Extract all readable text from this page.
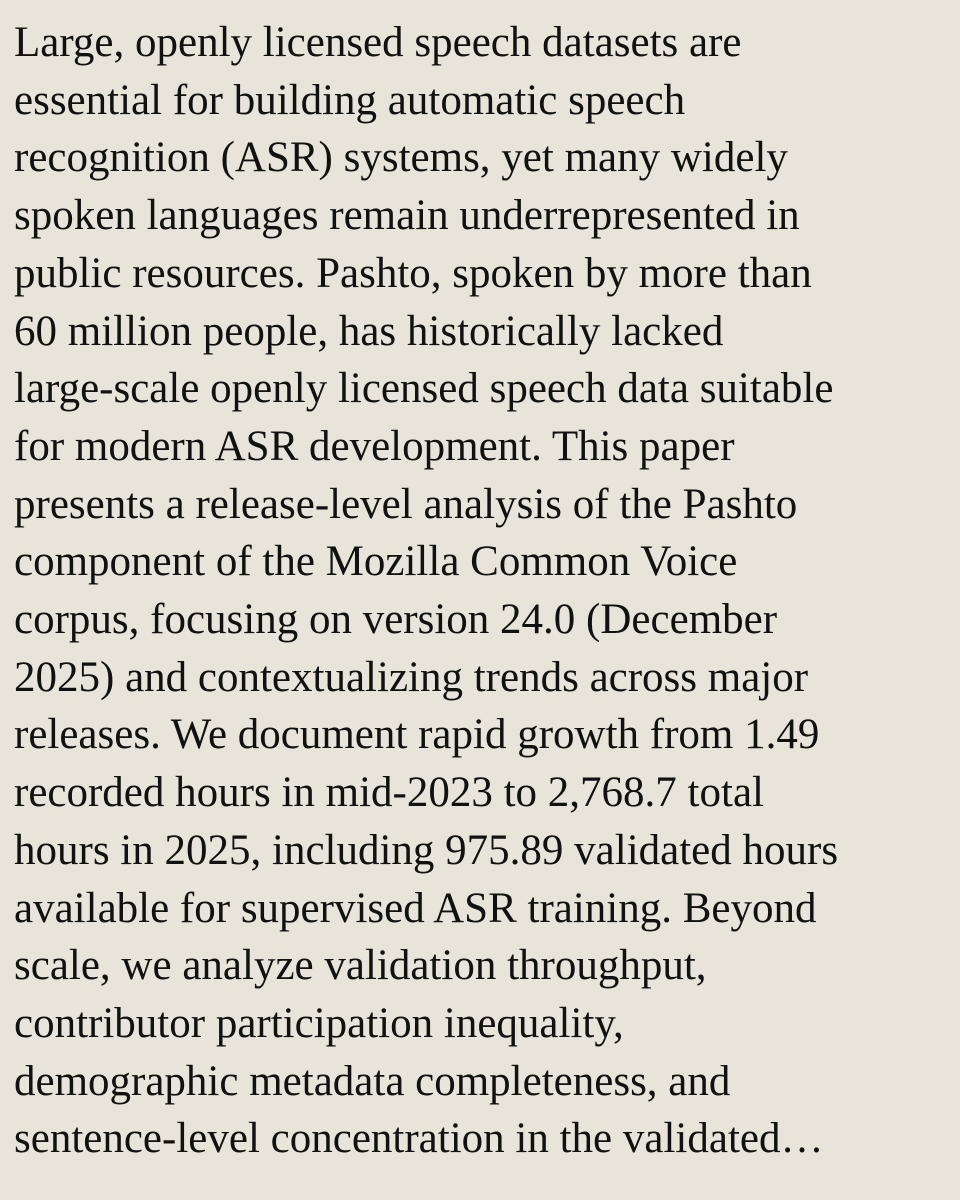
Large, openly licensed speech datasets are
essential for building automatic speech
recognition (ASR) systems, yet many widely
spoken languages remain underrepresented in
public resources. Pashto, spoken by more than
60 million people, has historically lacked
large-scale openly licensed speech data suitable
for modern ASR development. This paper
presents a release-level analysis of the Pashto
component of the Mozilla Common Voice
corpus, focusing on version 24.0 (December
2025) and contextualizing trends across major
releases. We document rapid growth from 1.49
recorded hours in mid-2023 to 2,768.7 total
hours in 2025, including 975.89 validated hours
available for supervised ASR training. Beyond
scale, we analyze validation throughput,
contributor participation inequality,
demographic metadata completeness, and
sentence-level concentration in the validated…
